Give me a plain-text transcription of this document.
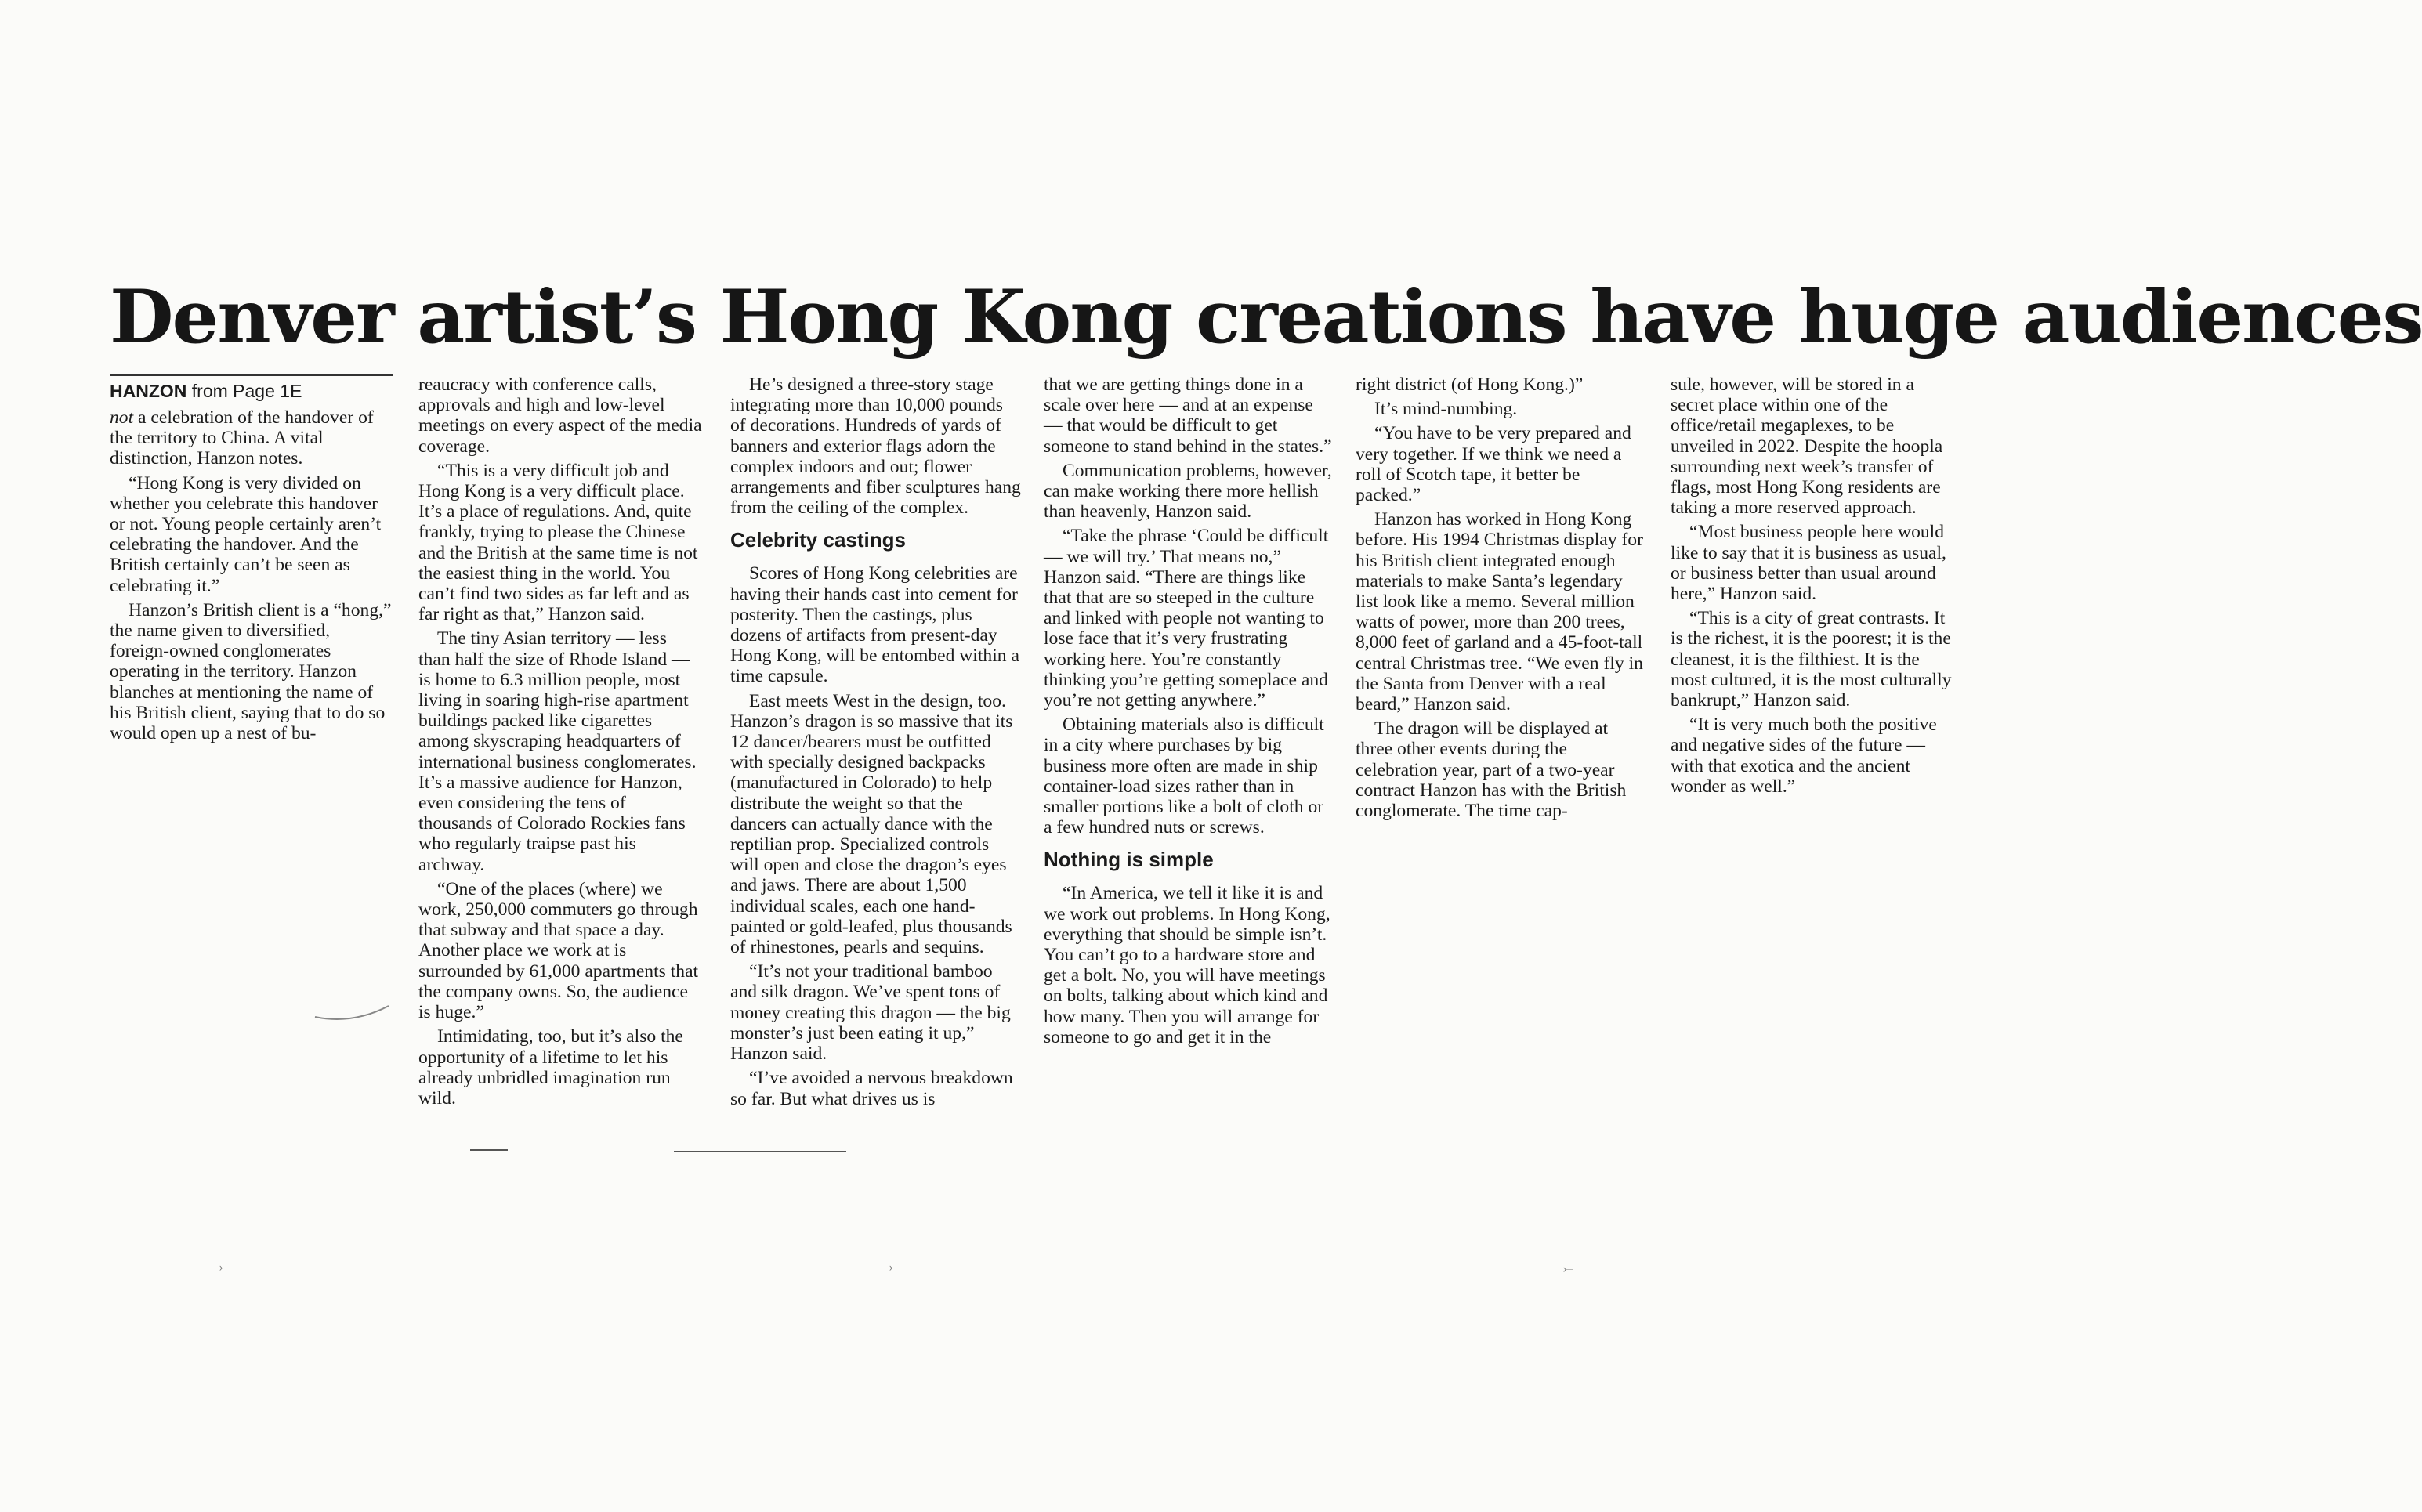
Denver artist’s Hong Kong creations have huge audiences
HANZON from Page 1E

not a celebration of the handover of the territory to China. A vital distinction, Hanzon notes.

“Hong Kong is very divided on whether you celebrate this handover or not. Young people certainly aren’t celebrating the handover. And the British certainly can’t be seen as celebrating it.”

Hanzon’s British client is a “hong,” the name given to diversified, foreign-owned conglomerates operating in the territory. Hanzon blanches at mentioning the name of his British client, saying that to do so would open up a nest of bu-

reaucracy with conference calls, approvals and high and low-level meetings on every aspect of the media coverage.

“This is a very difficult job and Hong Kong is a very difficult place. It’s a place of regulations. And, quite frankly, trying to please the Chinese and the British at the same time is not the easiest thing in the world. You can’t find two sides as far left and as far right as that,” Hanzon said.

The tiny Asian territory — less than half the size of Rhode Island — is home to 6.3 million people, most living in soaring high-rise apartment buildings packed like cigarettes among skyscraping headquarters of international business conglomerates. It’s a massive audience for Hanzon, even considering the tens of thousands of Colorado Rockies fans who regularly traipse past his archway.

“One of the places (where) we work, 250,000 commuters go through that subway and that space a day. Another place we work at is surrounded by 61,000 apartments that the company owns. So, the audience is huge.”

Intimidating, too, but it’s also the opportunity of a lifetime to let his already unbridled imagination run wild.

He’s designed a three-story stage integrating more than 10,000 pounds of decorations. Hundreds of yards of banners and exterior flags adorn the complex indoors and out; flower arrangements and fiber sculptures hang from the ceiling of the complex.

Celebrity castings

Scores of Hong Kong celebrities are having their hands cast into cement for posterity. Then the castings, plus dozens of artifacts from present-day Hong Kong, will be entombed within a time capsule.

East meets West in the design, too. Hanzon’s dragon is so massive that its 12 dancer/bearers must be outfitted with specially designed backpacks (manufactured in Colorado) to help distribute the weight so that the dancers can actually dance with the reptilian prop. Specialized controls will open and close the dragon’s eyes and jaws. There are about 1,500 individual scales, each one hand-painted or gold-leafed, plus thousands of rhinestones, pearls and sequins.

“It’s not your traditional bamboo and silk dragon. We’ve spent tons of money creating this dragon — the big monster’s just been eating it up,” Hanzon said.

“I’ve avoided a nervous breakdown so far. But what drives us is

that we are getting things done in a scale over here — and at an expense — that would be difficult to get someone to stand behind in the states.”

Communication problems, however, can make working there more hellish than heavenly, Hanzon said.

“Take the phrase ‘Could be difficult — we will try.’ That means no,” Hanzon said. “There are things like that that are so steeped in the culture and linked with people not wanting to lose face that it’s very frustrating working here. You’re constantly thinking you’re getting someplace and you’re not getting anywhere.”

Obtaining materials also is difficult in a city where purchases by big business more often are made in ship container-load sizes rather than in smaller portions like a bolt of cloth or a few hundred nuts or screws.

Nothing is simple

“In America, we tell it like it is and we work out problems. In Hong Kong, everything that should be simple isn’t. You can’t go to a hardware store and get a bolt. No, you will have meetings on bolts, talking about which kind and how many. Then you will arrange for someone to go and get it in the

right district (of Hong Kong.)”

It’s mind-numbing.

“You have to be very prepared and very together. If we think we need a roll of Scotch tape, it better be packed.”

Hanzon has worked in Hong Kong before. His 1994 Christmas display for his British client integrated enough materials to make Santa’s legendary list look like a memo. Several million watts of power, more than 200 trees, 8,000 feet of garland and a 45-foot-tall central Christmas tree. “We even fly in the Santa from Denver with a real beard,” Hanzon said.

The dragon will be displayed at three other events during the celebration year, part of a two-year contract Hanzon has with the British conglomerate. The time cap-

sule, however, will be stored in a secret place within one of the office/retail megaplexes, to be unveiled in 2022. Despite the hoopla surrounding next week’s transfer of flags, most Hong Kong residents are taking a more reserved approach.

“Most business people here would like to say that it is business as usual, or business better than usual around here,” Hanzon said.

“This is a city of great contrasts. It is the richest, it is the poorest; it is the cleanest, it is the filthiest. It is the most cultured, it is the most culturally bankrupt,” Hanzon said.

“It is very much both the positive and negative sides of the future — with that exotica and the ancient wonder as well.”

⤚	⤚	⤚
